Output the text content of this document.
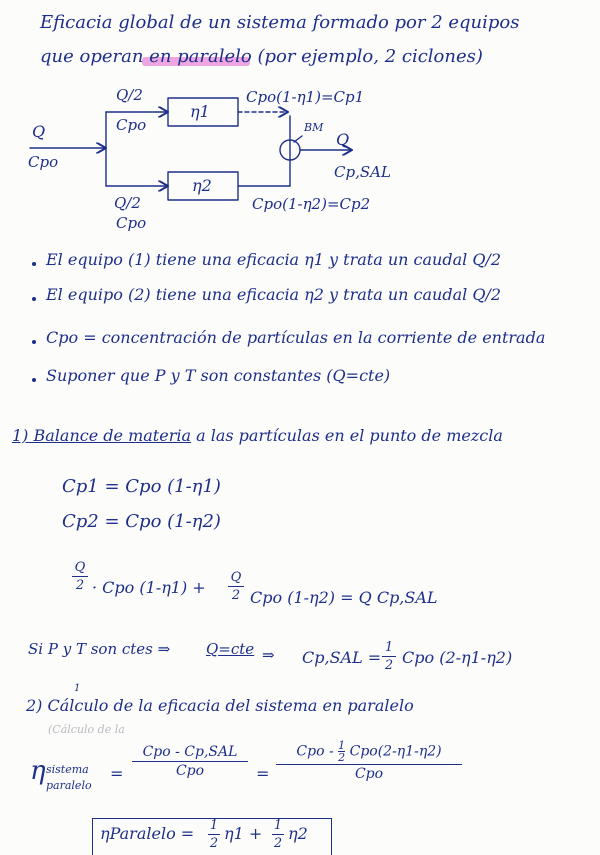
Eficacia global de un sistema formado por 2 equipos
que operan en paralelo (por ejemplo, 2 ciclones)
Q/2
Cpo
η1
Cpo(1-η1)=Cp1
BM
Q
Cpo
Q
Cp,SAL
Q/2
Cpo
η2
Cpo(1-η2)=Cp2
El equipo (1) tiene una eficacia η1 y trata un caudal Q/2
El equipo (2) tiene una eficacia η2 y trata un caudal Q/2
Cpo = concentración de partículas en la corriente de entrada
Suponer que P y T son constantes (Q=cte)
1) Balance de materia a las partículas en el punto de mezcla
Cp1 = Cpo (1-η1)
Cp2 = Cpo (1-η2)
Q
2 · Cpo (1-η1) +
Q
2 Cpo (1-η2) = Q Cp,SAL
Si P y T son ctes ⇒ Q=cte ⇒ Cp,SAL =
1
2 Cpo (2-η1-η2)
1
2) Cálculo de la eficacia del sistema en paralelo
(Cálculo de la
η sistema
paralelo
=
Cpo - Cp,SAL
Cpo	=
Cpo - $\frac{1}{2} Cpo(2-\eta 1-\eta 2)$
Cpo
ηParalelo = 1
2
η1 + 1
2
η2
